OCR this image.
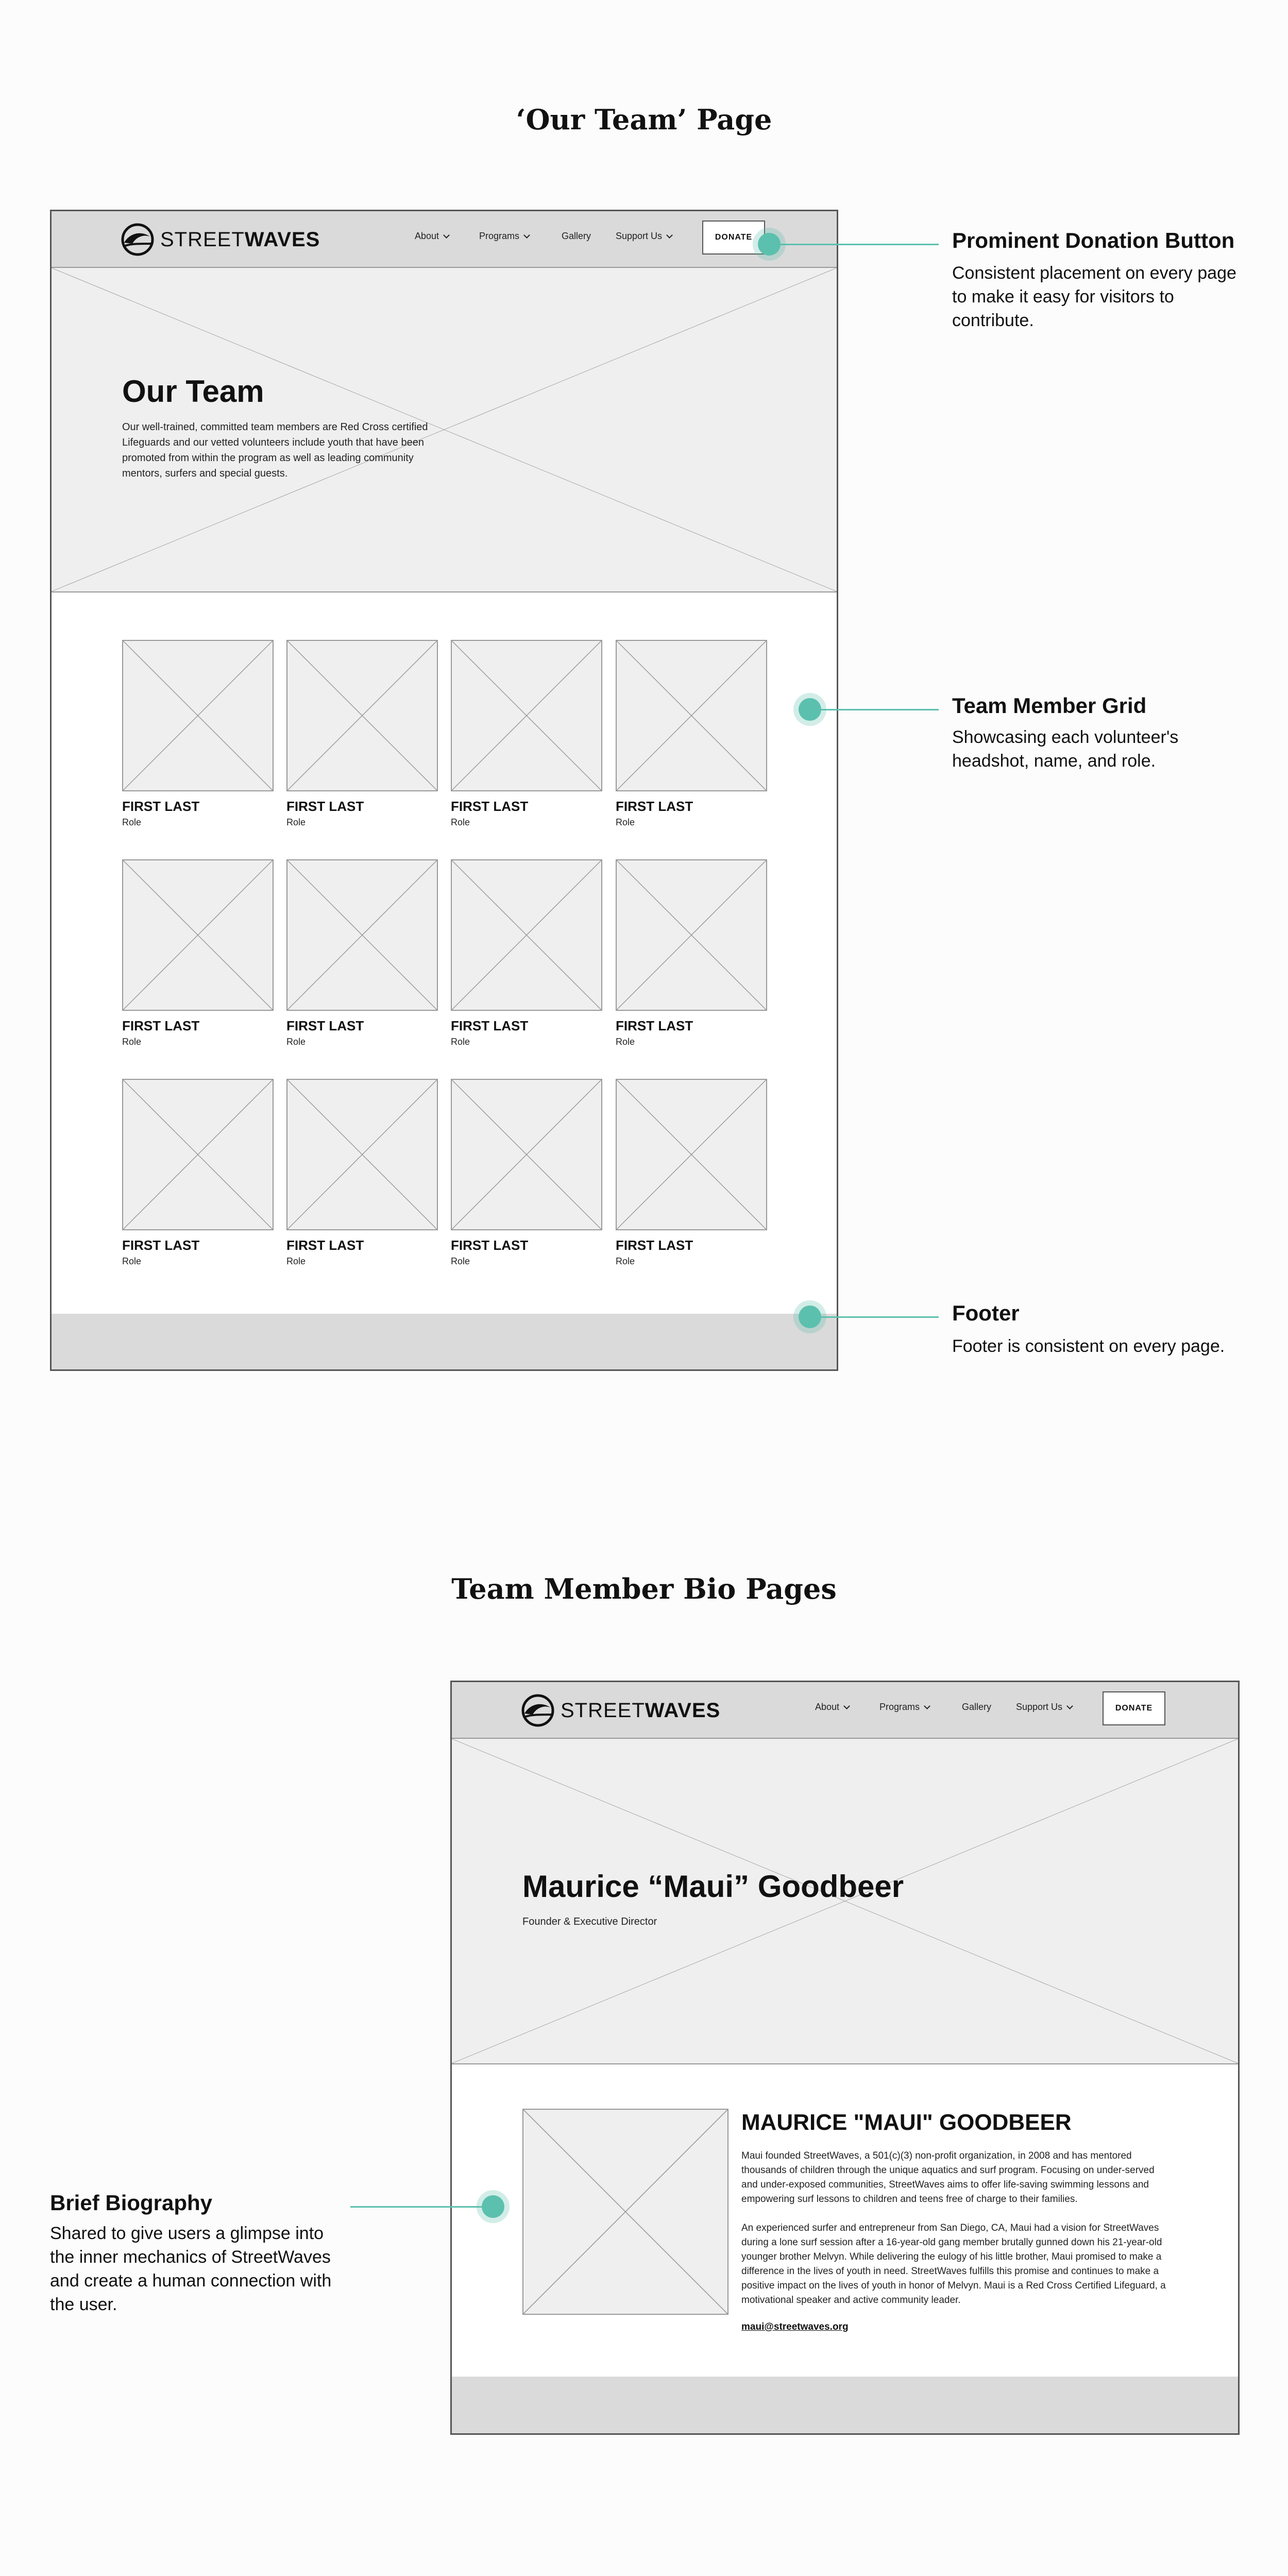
‘Our Team’ Page
STREETWAVES	About	Programs	Gallery	Support Us	DONATE
Our Team
Our well-trained, committed team members are Red Cross certified Lifeguards and our vetted volunteers include youth that have been promoted from within the program as well as leading community mentors, surfers and special guests.
FIRST LAST
Role
FIRST LAST
Role
FIRST LAST
Role
FIRST LAST
Role
FIRST LAST
Role
FIRST LAST
Role
FIRST LAST
Role
FIRST LAST
Role
FIRST LAST
Role
FIRST LAST
Role
FIRST LAST
Role
FIRST LAST
Role
Prominent Donation Button
Consistent placement on every page to make it easy for visitors to contribute.
Team Member Grid
Showcasing each volunteer's headshot, name, and role.
Footer
Footer is consistent on every page.
Team Member Bio Pages
STREETWAVES	About	Programs	Gallery	Support Us	DONATE
Maurice “Maui” Goodbeer
Founder & Executive Director
MAURICE "MAUI" GOODBEER
Maui founded StreetWaves, a 501(c)(3) non-profit organization, in 2008 and has mentored thousands of children through the unique aquatics and surf program. Focusing on under-served and under-exposed communities, StreetWaves aims to offer life-saving swimming lessons and empowering surf lessons to children and teens free of charge to their families.
An experienced surfer and entrepreneur from San Diego, CA, Maui had a vision for StreetWaves during a lone surf session after a 16-year-old gang member brutally gunned down his 21-year-old younger brother Melvyn. While delivering the eulogy of his little brother, Maui promised to make a difference in the lives of youth in need. StreetWaves fulfills this promise and continues to make a positive impact on the lives of youth in honor of Melvyn. Maui is a Red Cross Certified Lifeguard, a motivational speaker and active community leader.
maui@streetwaves.org
Brief Biography
Shared to give users a glimpse into the inner mechanics of StreetWaves and create a human connection with the user.
